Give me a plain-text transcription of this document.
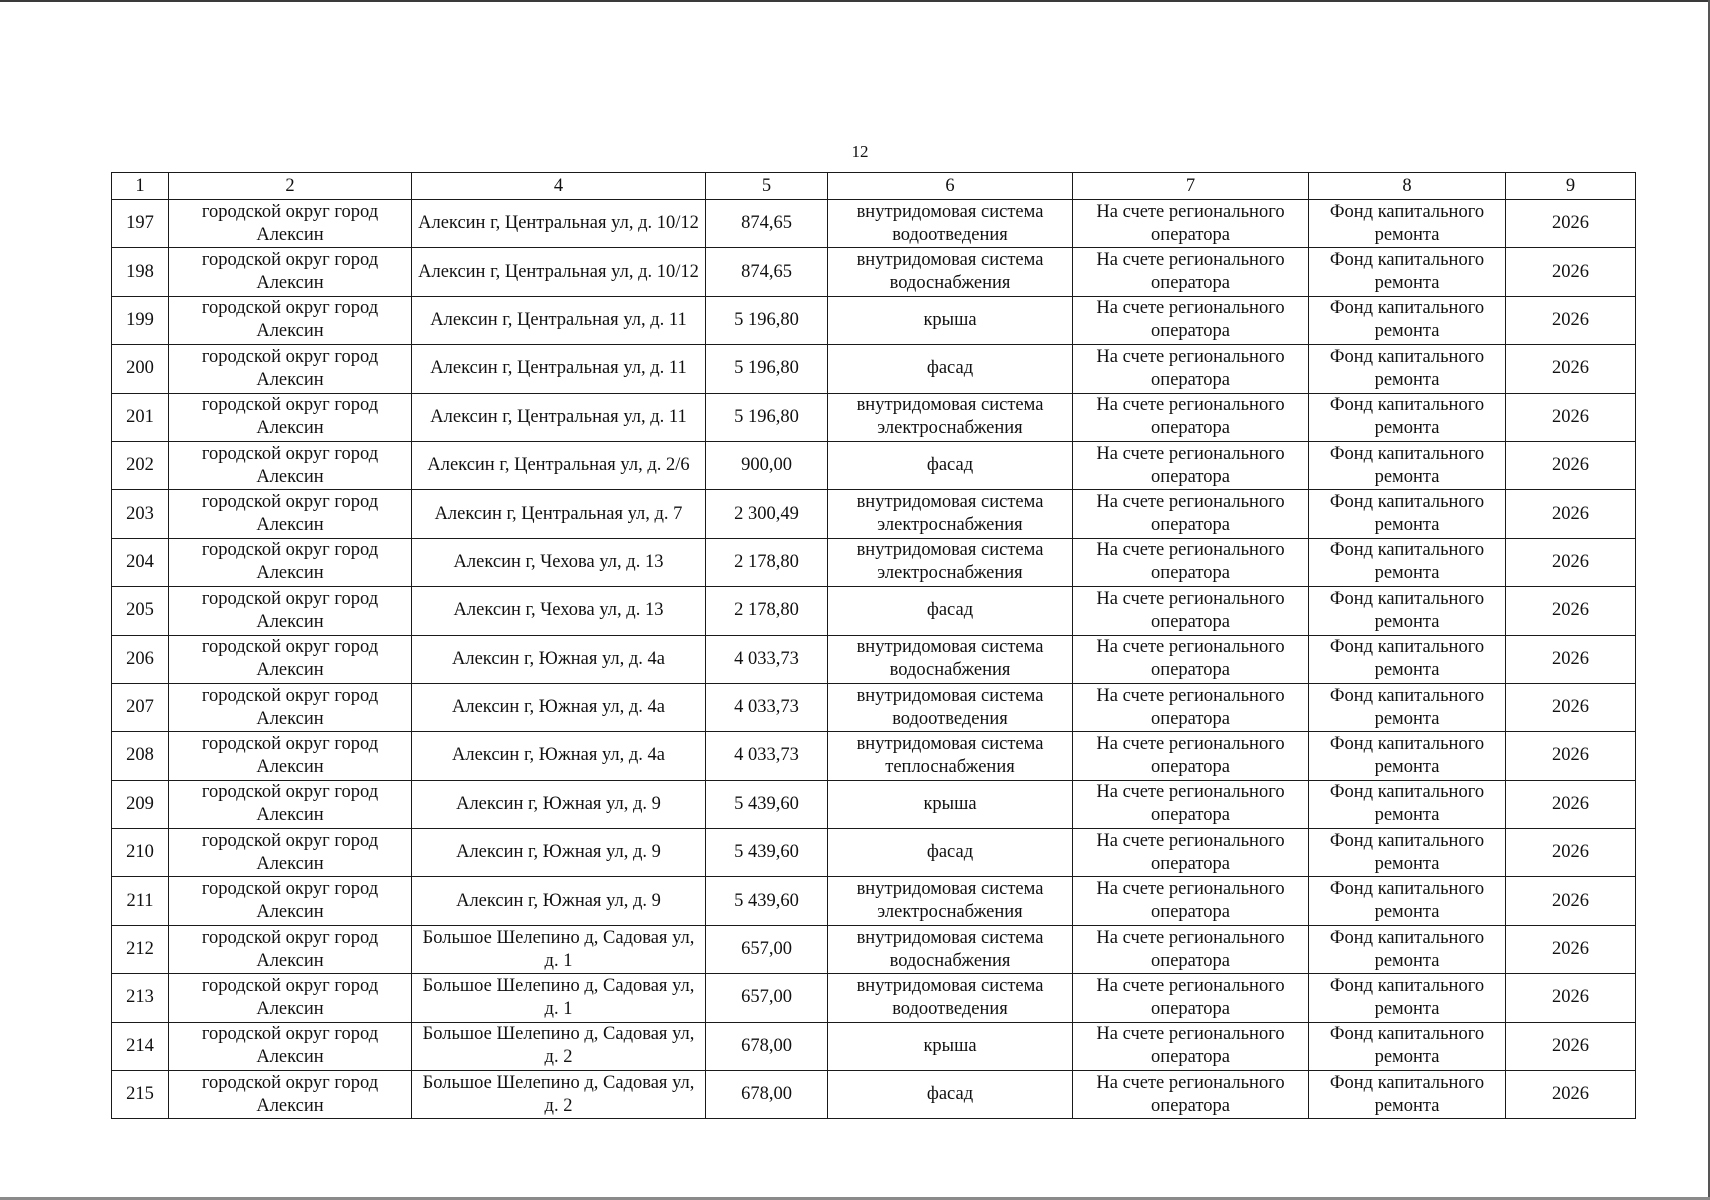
12
1	2	4	5	6	7	8	9
197	городской округ город Алексин	Алексин г, Центральная ул, д. 10/12	874,65	внутридомовая система водоотведения	На счете регионального оператора	Фонд капитального ремонта	2026
198	городской округ город Алексин	Алексин г, Центральная ул, д. 10/12	874,65	внутридомовая система водоснабжения	На счете регионального оператора	Фонд капитального ремонта	2026
199	городской округ город Алексин	Алексин г, Центральная ул, д. 11	5 196,80	крыша	На счете регионального оператора	Фонд капитального ремонта	2026
200	городской округ город Алексин	Алексин г, Центральная ул, д. 11	5 196,80	фасад	На счете регионального оператора	Фонд капитального ремонта	2026
201	городской округ город Алексин	Алексин г, Центральная ул, д. 11	5 196,80	внутридомовая система электроснабжения	На счете регионального оператора	Фонд капитального ремонта	2026
202	городской округ город Алексин	Алексин г, Центральная ул, д. 2/6	900,00	фасад	На счете регионального оператора	Фонд капитального ремонта	2026
203	городской округ город Алексин	Алексин г, Центральная ул, д. 7	2 300,49	внутридомовая система электроснабжения	На счете регионального оператора	Фонд капитального ремонта	2026
204	городской округ город Алексин	Алексин г, Чехова ул, д. 13	2 178,80	внутридомовая система электроснабжения	На счете регионального оператора	Фонд капитального ремонта	2026
205	городской округ город Алексин	Алексин г, Чехова ул, д. 13	2 178,80	фасад	На счете регионального оператора	Фонд капитального ремонта	2026
206	городской округ город Алексин	Алексин г, Южная ул, д. 4а	4 033,73	внутридомовая система водоснабжения	На счете регионального оператора	Фонд капитального ремонта	2026
207	городской округ город Алексин	Алексин г, Южная ул, д. 4а	4 033,73	внутридомовая система водоотведения	На счете регионального оператора	Фонд капитального ремонта	2026
208	городской округ город Алексин	Алексин г, Южная ул, д. 4а	4 033,73	внутридомовая система теплоснабжения	На счете регионального оператора	Фонд капитального ремонта	2026
209	городской округ город Алексин	Алексин г, Южная ул, д. 9	5 439,60	крыша	На счете регионального оператора	Фонд капитального ремонта	2026
210	городской округ город Алексин	Алексин г, Южная ул, д. 9	5 439,60	фасад	На счете регионального оператора	Фонд капитального ремонта	2026
211	городской округ город Алексин	Алексин г, Южная ул, д. 9	5 439,60	внутридомовая система электроснабжения	На счете регионального оператора	Фонд капитального ремонта	2026
212	городской округ город Алексин	Большое Шелепино д, Садовая ул, д. 1	657,00	внутридомовая система водоснабжения	На счете регионального оператора	Фонд капитального ремонта	2026
213	городской округ город Алексин	Большое Шелепино д, Садовая ул, д. 1	657,00	внутридомовая система водоотведения	На счете регионального оператора	Фонд капитального ремонта	2026
214	городской округ город Алексин	Большое Шелепино д, Садовая ул, д. 2	678,00	крыша	На счете регионального оператора	Фонд капитального ремонта	2026
215	городской округ город Алексин	Большое Шелепино д, Садовая ул, д. 2	678,00	фасад	На счете регионального оператора	Фонд капитального ремонта	2026
